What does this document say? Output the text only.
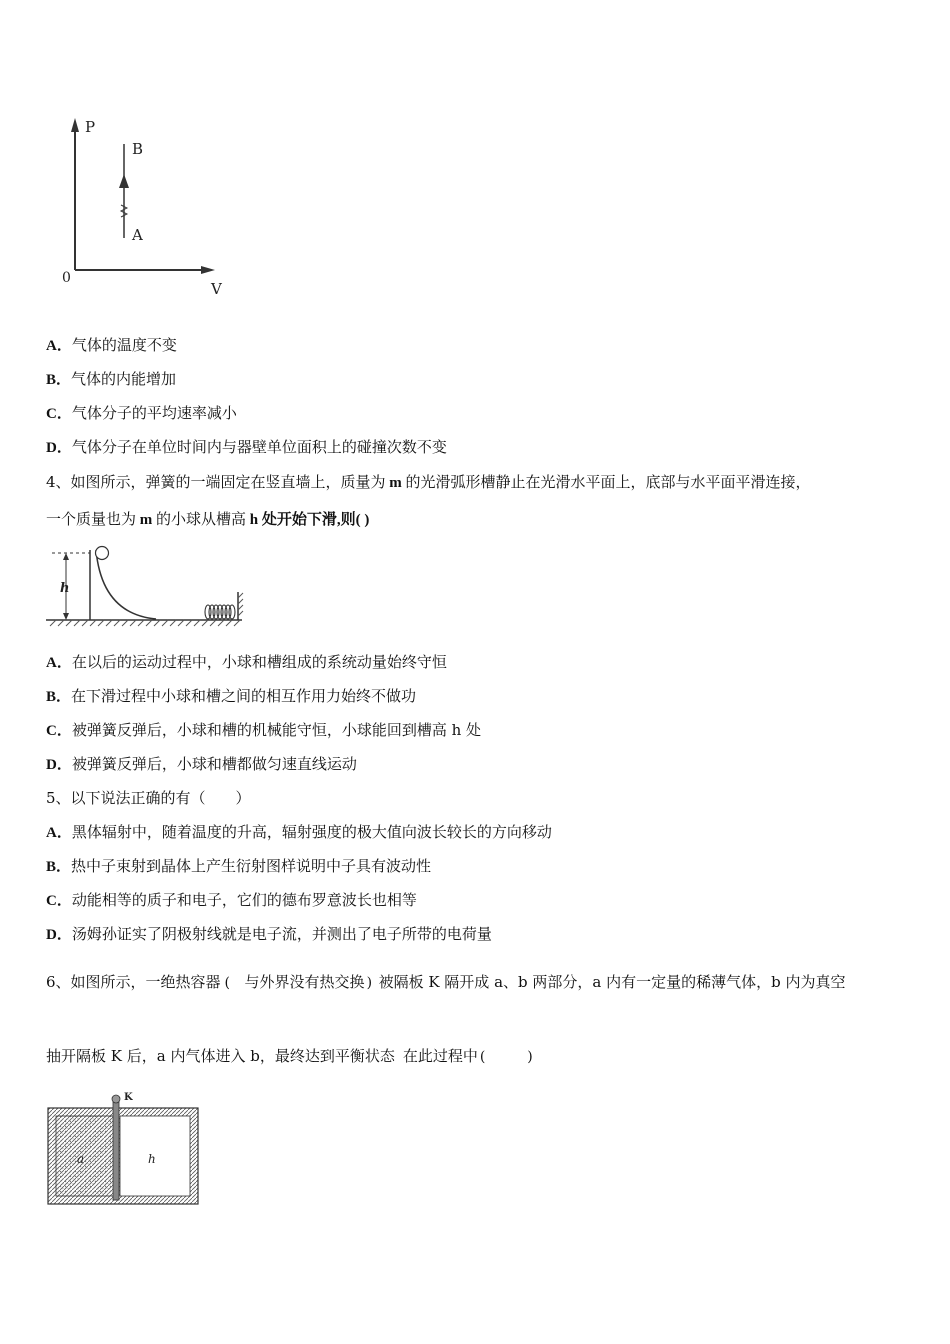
P
B
A
0
V
A．气体的温度不变
B．气体的内能增加
C．气体分子的平均速率减小
D．气体分子在单位时间内与器壁单位面积上的碰撞次数不变
4、如图所示，弹簧的一端固定在竖直墙上，质量为 m 的光滑弧形槽静止在光滑水平面上，底部与水平面平滑连接，
一个质量也为 m 的小球从槽高 h 处开始下滑,则( )
h
A．在以后的运动过程中，小球和槽组成的系统动量始终守恒
B．在下滑过程中小球和槽之间的相互作用力始终不做功
C．被弹簧反弹后，小球和槽的机械能守恒，小球能回到槽高 h 处
D．被弹簧反弹后，小球和槽都做匀速直线运动
5、以下说法正确的有（　　）
A．黑体辐射中，随着温度的升高，辐射强度的极大值向波长较长的方向移动
B．热中子束射到晶体上产生衍射图样说明中子具有波动性
C．动能相等的质子和电子，它们的德布罗意波长也相等
D．汤姆孙证实了阴极射线就是电子流，并测出了电子所带的电荷量
6、如图所示，一绝热容器 ( 与外界没有热交换 ) 被隔板 K 隔开成 a、b 两部分，a 内有一定量的稀薄气体，b 内为真空
抽开隔板 K 后，a 内气体进入 b，最终达到平衡状态 在此过程中 (　　　)
K
a	h
